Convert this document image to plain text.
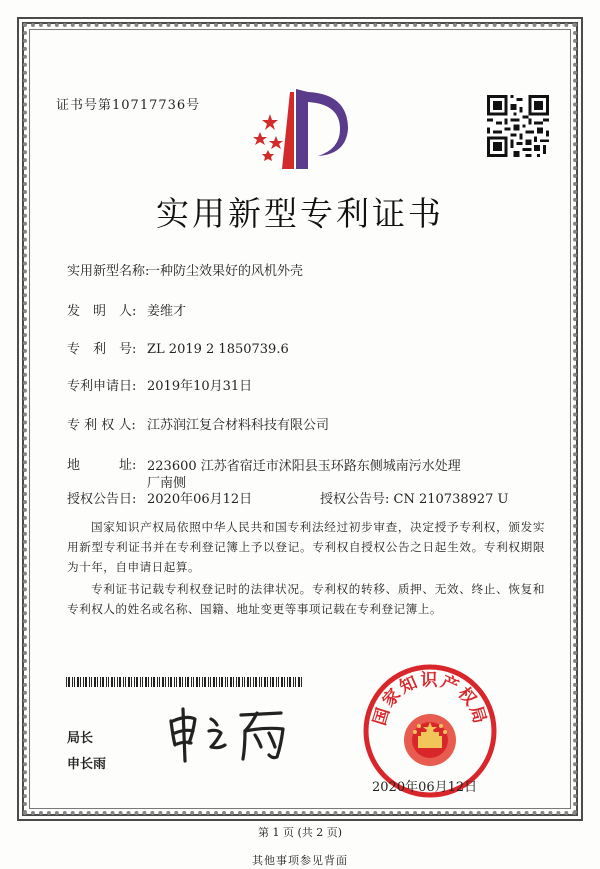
证书号第10717736号
实用新型专利证书
实用新型名称:一种防尘效果好的风机外壳
发　明　人: 姜维才
专　利　号: ZL 2019 2 1850739.6
专利申请日: 2019年10月31日
专 利 权 人: 江苏润江复合材料科技有限公司
地　　　址: 223600 江苏省宿迁市沭阳县玉环路东侧城南污水处理厂南侧
授权公告日: 2020年06月12日	授权公告号: CN 210738927 U
国家知识产权局依照中华人民共和国专利法经过初步审查，决定授予专利权，颁发实用新型专利证书并在专利登记簿上予以登记。专利权自授权公告之日起生效。专利权期限为十年，自申请日起算。
专利证书记载专利权登记时的法律状况。专利权的转移、质押、无效、终止、恢复和专利权人的姓名或名称、国籍、地址变更等事项记载在专利登记簿上。
局长
申长雨
国家知识产权局
2020年06月12日
第 1 页 (共 2 页)
其他事项参见背面
